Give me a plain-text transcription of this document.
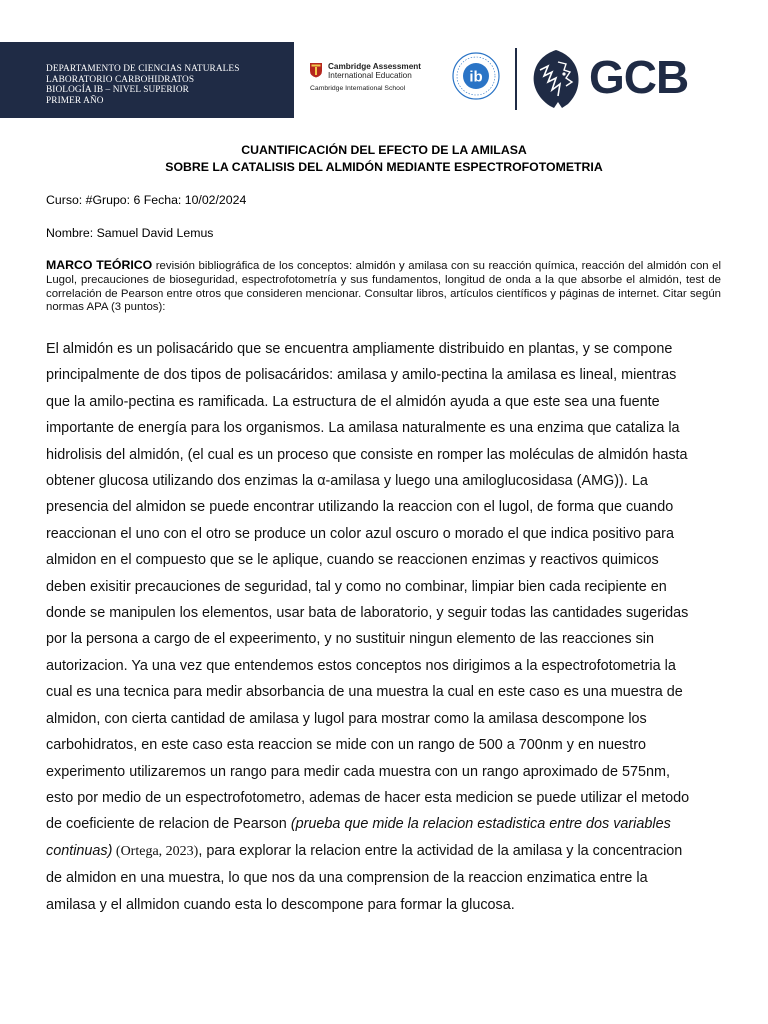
DEPARTAMENTO DE CIENCIAS NATURALES
LABORATORIO CARBOHIDRATOS
BIOLOGÍA IB – NIVEL SUPERIOR
PRIMER AÑO
Cambridge Assessment
International Education
Cambridge International School
ib GCB
CUANTIFICACIÓN DEL EFECTO DE LA AMILASA
SOBRE LA CATALISIS DEL ALMIDÓN MEDIANTE ESPECTROFOTOMETRIA
Curso: #Grupo: 6 Fecha: 10/02/2024
Nombre: Samuel David Lemus
MARCO TEÓRICO revisión bibliográfica de los conceptos: almidón y amilasa con su reacción química, reacción del almidón con el Lugol, precauciones de bioseguridad, espectrofotometría y sus fundamentos, longitud de onda a la que absorbe el almidón, test de correlación de Pearson entre otros que consideren mencionar. Consultar libros, artículos científicos y páginas de internet. Citar según normas APA (3 puntos):
El almidón es un polisacárido que se encuentra ampliamente distribuido en plantas, y se compone
principalmente de dos tipos de polisacáridos: amilasa y amilo-pectina la amilasa es lineal, mientras
que la amilo-pectina es ramificada. La estructura de el almidón ayuda a que este sea una fuente
importante de energía para los organismos. La amilasa naturalmente es una enzima que cataliza la
hidrolisis del almidón, (el cual es un proceso que consiste en romper las moléculas de almidón hasta
obtener glucosa utilizando dos enzimas la α-amilasa y luego una amiloglucosidasa (AMG)). La
presencia del almidon se puede encontrar utilizando la reaccion con el lugol, de forma que cuando
reaccionan el uno con el otro se produce un color azul oscuro o morado el que indica positivo para
almidon en el compuesto que se le aplique, cuando se reaccionen enzimas y reactivos quimicos
deben exisitir precauciones de seguridad, tal y como no combinar, limpiar bien cada recipiente en
donde se manipulen los elementos, usar bata de laboratorio, y seguir todas las cantidades sugeridas
por la persona a cargo de el expeerimento, y no sustituir ningun elemento de las reacciones sin
autorizacion. Ya una vez que entendemos estos conceptos nos dirigimos a la espectrofotometria la
cual es una tecnica para medir absorbancia de una muestra la cual en este caso es una muestra de
almidon, con cierta cantidad de amilasa y lugol para mostrar como la amilasa descompone los
carbohidratos, en este caso esta reaccion se mide con un rango de 500 a 700nm y en nuestro
experimento utilizaremos un rango para medir cada muestra con un rango aproximado de 575nm,
esto por medio de un espectrofotometro, ademas de hacer esta medicion se puede utilizar el metodo
de coeficiente de relacion de Pearson (prueba que mide la relacion estadistica entre dos variables
continuas) (Ortega, 2023), para explorar la relacion entre la actividad de la amilasa y la concentracion
de almidon en una muestra, lo que nos da una comprension de la reaccion enzimatica entre la
amilasa y el allmidon cuando esta lo descompone para formar la glucosa.
